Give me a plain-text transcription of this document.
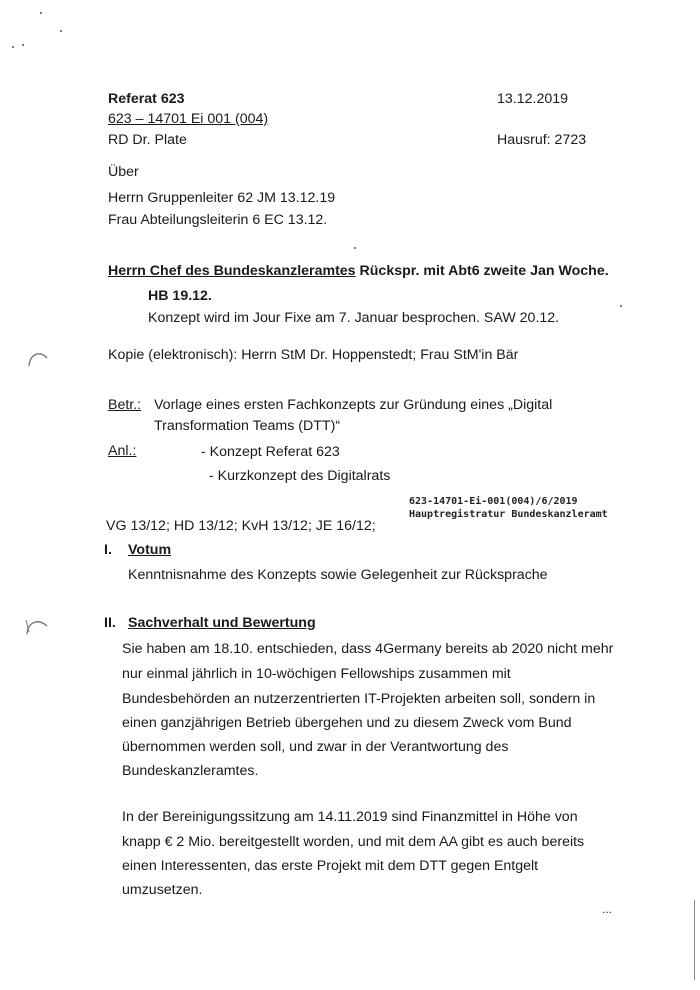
Referat 623
623 – 14701 Ei 001 (004)
RD Dr. Plate
13.12.2019
Hausruf: 2723
Über
Herrn Gruppenleiter 62 JM 13.12.19
Frau Abteilungsleiterin 6 EC 13.12.
Herrn Chef des Bundeskanzleramtes Rückspr. mit Abt6 zweite Jan Woche.
HB 19.12.
Konzept wird im Jour Fixe am 7. Januar besprochen. SAW 20.12.
Kopie (elektronisch): Herrn StM Dr. Hoppenstedt; Frau StM'in Bär
Betr.: Vorlage eines ersten Fachkonzepts zur Gründung eines „Digital
Transformation Teams (DTT)“
Anl.:	- Konzept Referat 623
- Kurzkonzept des Digitalrats
623-14701-Ei-001(004)/6/2019
Hauptregistratur Bundeskanzleramt
VG 13/12; HD 13/12; KvH 13/12; JE 16/12;
I. Votum
Kenntnisnahme des Konzepts sowie Gelegenheit zur Rücksprache
II. Sachverhalt und Bewertung
Sie haben am 18.10. entschieden, dass 4Germany bereits ab 2020 nicht mehr
nur einmal jährlich in 10-wöchigen Fellowships zusammen mit
Bundesbehörden an nutzerzentrierten IT-Projekten arbeiten soll, sondern in
einen ganzjährigen Betrieb übergehen und zu diesem Zweck vom Bund
übernommen werden soll, und zwar in der Verantwortung des
Bundeskanzleramtes.
In der Bereinigungssitzung am 14.11.2019 sind Finanzmittel in Höhe von
knapp € 2 Mio. bereitgestellt worden, und mit dem AA gibt es auch bereits
einen Interessenten, das erste Projekt mit dem DTT gegen Entgelt
umzusetzen.
...
